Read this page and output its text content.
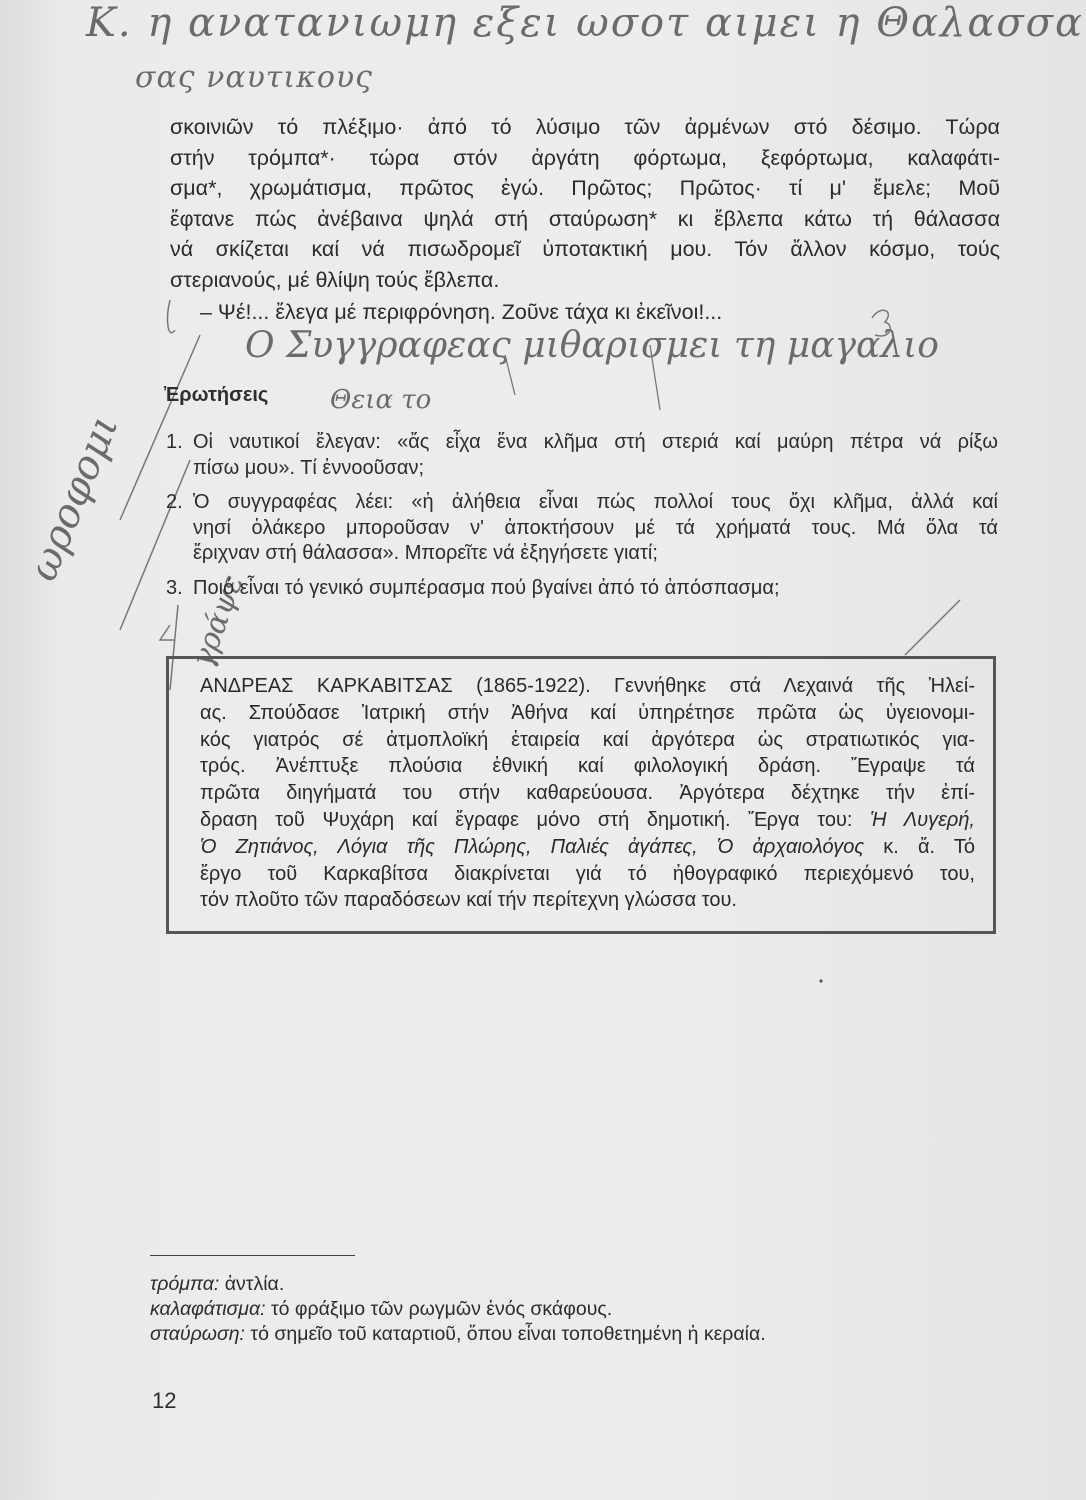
Κ. η ανατανιωμη εξει ωσοτ αιμει η Θαλασσα
σας ναυτικους
Ο Συγγραφεας μιθαρισμει τη μαγαλιο
Θεια το
ωροφομι
γράψε

σκοινιῶν τό πλέξιμο· ἀπό τό λύσιμο τῶν ἀρμένων στό δέσιμο. Τώρα
στήν τρόμπα*· τώρα στόν ἀργάτη φόρτωμα, ξεφόρτωμα, καλαφάτι-
σμα*, χρωμάτισμα, πρῶτος ἐγώ. Πρῶτος; Πρῶτος· τί μ' ἔμελε; Μοῦ
ἔφτανε πώς ἀνέβαινα ψηλά στή σταύρωση* κι ἔβλεπα κάτω τή θάλασσα
νά σκίζεται καί νά πισωδρομεῖ ὑποτακτική μου. Τόν ἄλλον κόσμο, τούς
στεριανούς, μέ θλίψη τούς ἔβλεπα.
– Ψέ!... ἔλεγα μέ περιφρόνηση. Ζοῦνε τάχα κι ἐκεῖνοι!...

Ἐρωτήσεις
1. Οἱ ναυτικοί ἔλεγαν: «ἄς εἶχα ἕνα κλῆμα στή στεριά καί μαύρη πέτρα νά ρίξω
πίσω μου». Τί ἐννοοῦσαν;
2. Ὁ συγγραφέας λέει: «ἡ ἀλήθεια εἶναι πώς πολλοί τους ὄχι κλῆμα, ἀλλά καί
νησί ὁλάκερο μποροῦσαν ν' ἀποκτήσουν μέ τά χρήματά τους. Μά ὅλα τά
ἔριχναν στή θάλασσα». Μπορεῖτε νά ἐξηγήσετε γιατί;
3. Ποιό εἶναι τό γενικό συμπέρασμα πού βγαίνει ἀπό τό ἀπόσπασμα;
ΑΝΔΡΕΑΣ ΚΑΡΚΑΒΙΤΣΑΣ (1865-1922). Γεννήθηκε στά Λεχαινά τῆς Ἠλεί-
ας. Σπούδασε Ἰατρική στήν Ἀθήνα καί ὑπηρέτησε πρῶτα ὡς ὑγειονομι-
κός γιατρός σέ ἀτμοπλοϊκή ἑταιρεία καί ἀργότερα ὡς στρατιωτικός για-
τρός. Ἀνέπτυξε πλούσια ἐθνική καί φιλολογική δράση. Ἔγραψε τά
πρῶτα διηγήματά του στήν καθαρεύουσα. Ἀργότερα δέχτηκε τήν ἐπί-
δραση τοῦ Ψυχάρη καί ἔγραφε μόνο στή δημοτική. Ἔργα του: Ἡ Λυγερή,
Ὁ Ζητιάνος, Λόγια τῆς Πλώρης, Παλιές ἀγάπες, Ὁ ἀρχαιολόγος κ. ἄ. Τό
ἔργο τοῦ Καρκαβίτσα διακρίνεται γιά τό ἠθογραφικό περιεχόμενό του,
τόν πλοῦτο τῶν παραδόσεων καί τήν περίτεχνη γλώσσα του.
τρόμπα: ἀντλία.
καλαφάτισμα: τό φράξιμο τῶν ρωγμῶν ἑνός σκάφους.
σταύρωση: τό σημεῖο τοῦ καταρτιοῦ, ὅπου εἶναι τοποθετημένη ἡ κεραία.
12
